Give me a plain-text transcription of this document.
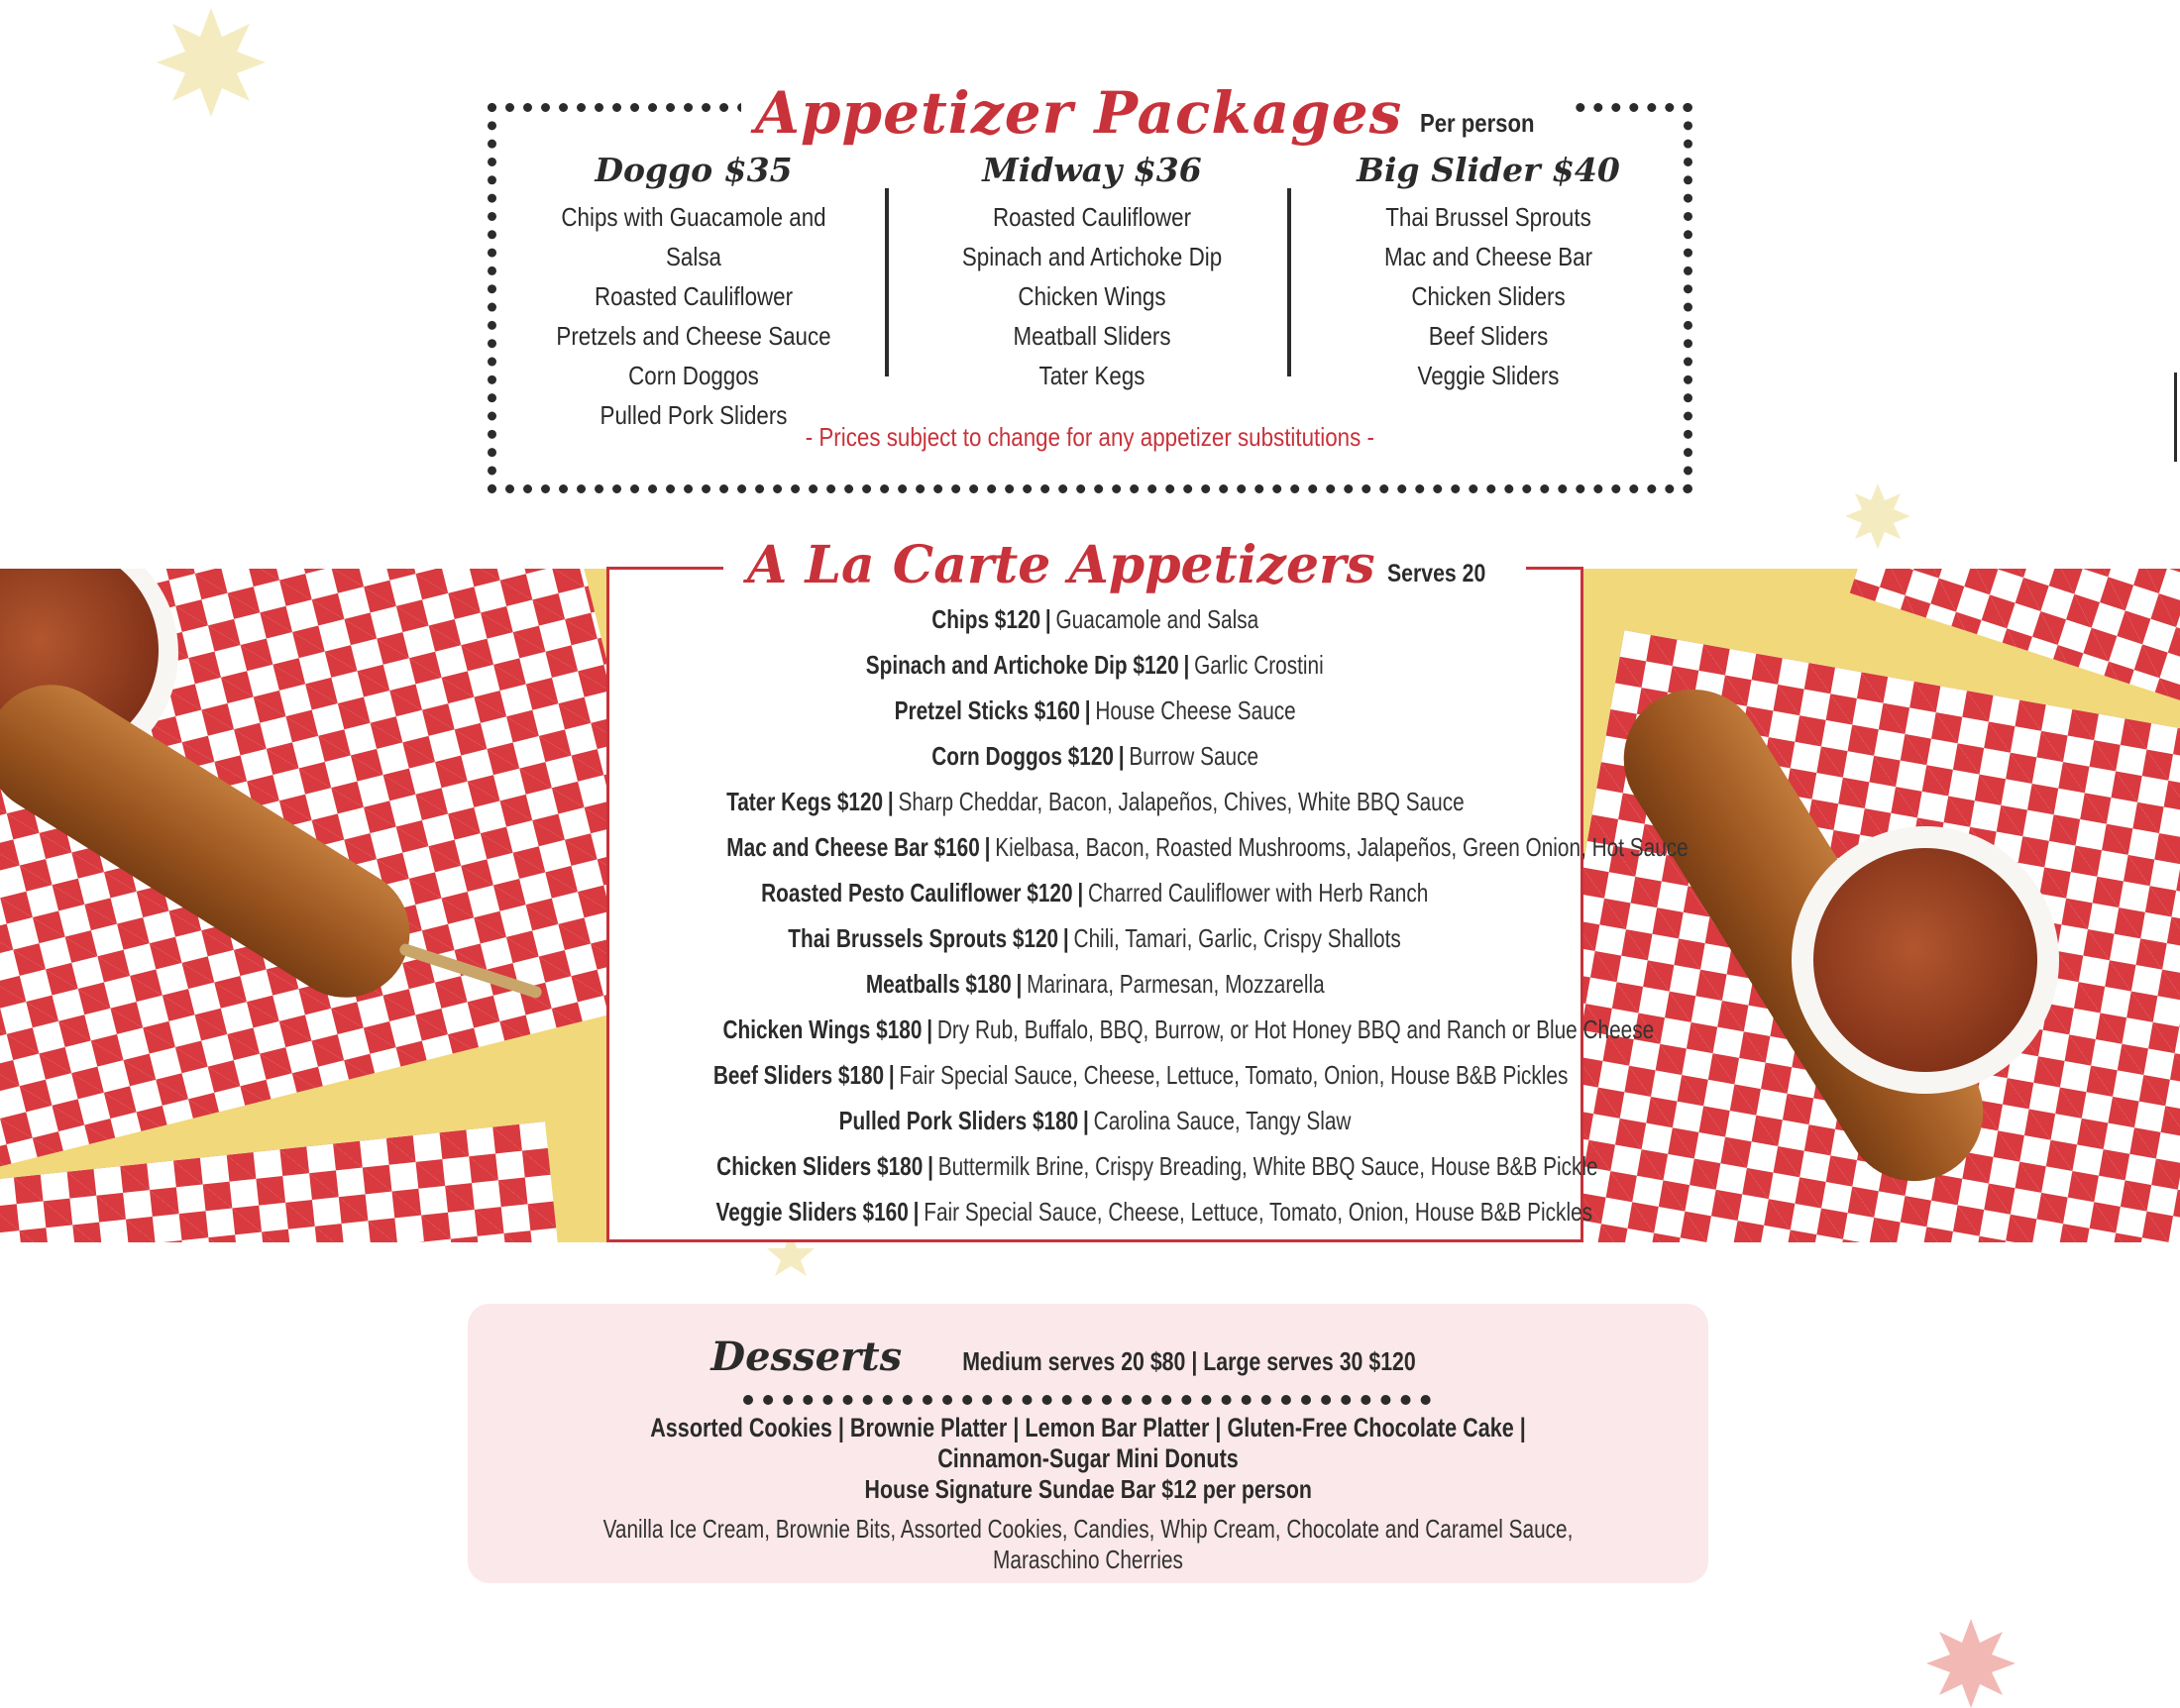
Appetizer Packages Per person
Doggo $35
Chips with Guacamole and Salsa
Roasted Cauliflower
Pretzels and Cheese Sauce
Corn Doggos
Pulled Pork Sliders
Midway $36
Roasted Cauliflower
Spinach and Artichoke Dip
Chicken Wings
Meatball Sliders
Tater Kegs
Big Slider $40
Thai Brussel Sprouts
Mac and Cheese Bar
Chicken Sliders
Beef Sliders
Veggie Sliders
- Prices subject to change for any appetizer substitutions -
A La Carte Appetizers Serves 20
Chips $120 | Guacamole and Salsa
Spinach and Artichoke Dip $120 | Garlic Crostini
Pretzel Sticks $160 | House Cheese Sauce
Corn Doggos $120 | Burrow Sauce
Tater Kegs $120 | Sharp Cheddar, Bacon, Jalapeños, Chives, White BBQ Sauce
Mac and Cheese Bar $160 | Kielbasa, Bacon, Roasted Mushrooms, Jalapeños, Green Onion, Hot Sauce
Roasted Pesto Cauliflower $120 | Charred Cauliflower with Herb Ranch
Thai Brussels Sprouts $120 | Chili, Tamari, Garlic, Crispy Shallots
Meatballs $180 | Marinara, Parmesan, Mozzarella
Chicken Wings $180 | Dry Rub, Buffalo, BBQ, Burrow, or Hot Honey BBQ and Ranch or Blue Cheese
Beef Sliders $180 | Fair Special Sauce, Cheese, Lettuce, Tomato, Onion, House B&B Pickles
Pulled Pork Sliders $180 | Carolina Sauce, Tangy Slaw
Chicken Sliders $180 | Buttermilk Brine, Crispy Breading, White BBQ Sauce, House B&B Pickle
Veggie Sliders $160 | Fair Special Sauce, Cheese, Lettuce, Tomato, Onion, House B&B Pickles
Desserts Medium serves 20 $80 | Large serves 30 $120
Assorted Cookies | Brownie Platter | Lemon Bar Platter | Gluten-Free Chocolate Cake | Cinnamon-Sugar Mini Donuts
House Signature Sundae Bar $12 per person
Vanilla Ice Cream, Brownie Bits, Assorted Cookies, Candies, Whip Cream, Chocolate and Caramel Sauce, Maraschino Cherries
